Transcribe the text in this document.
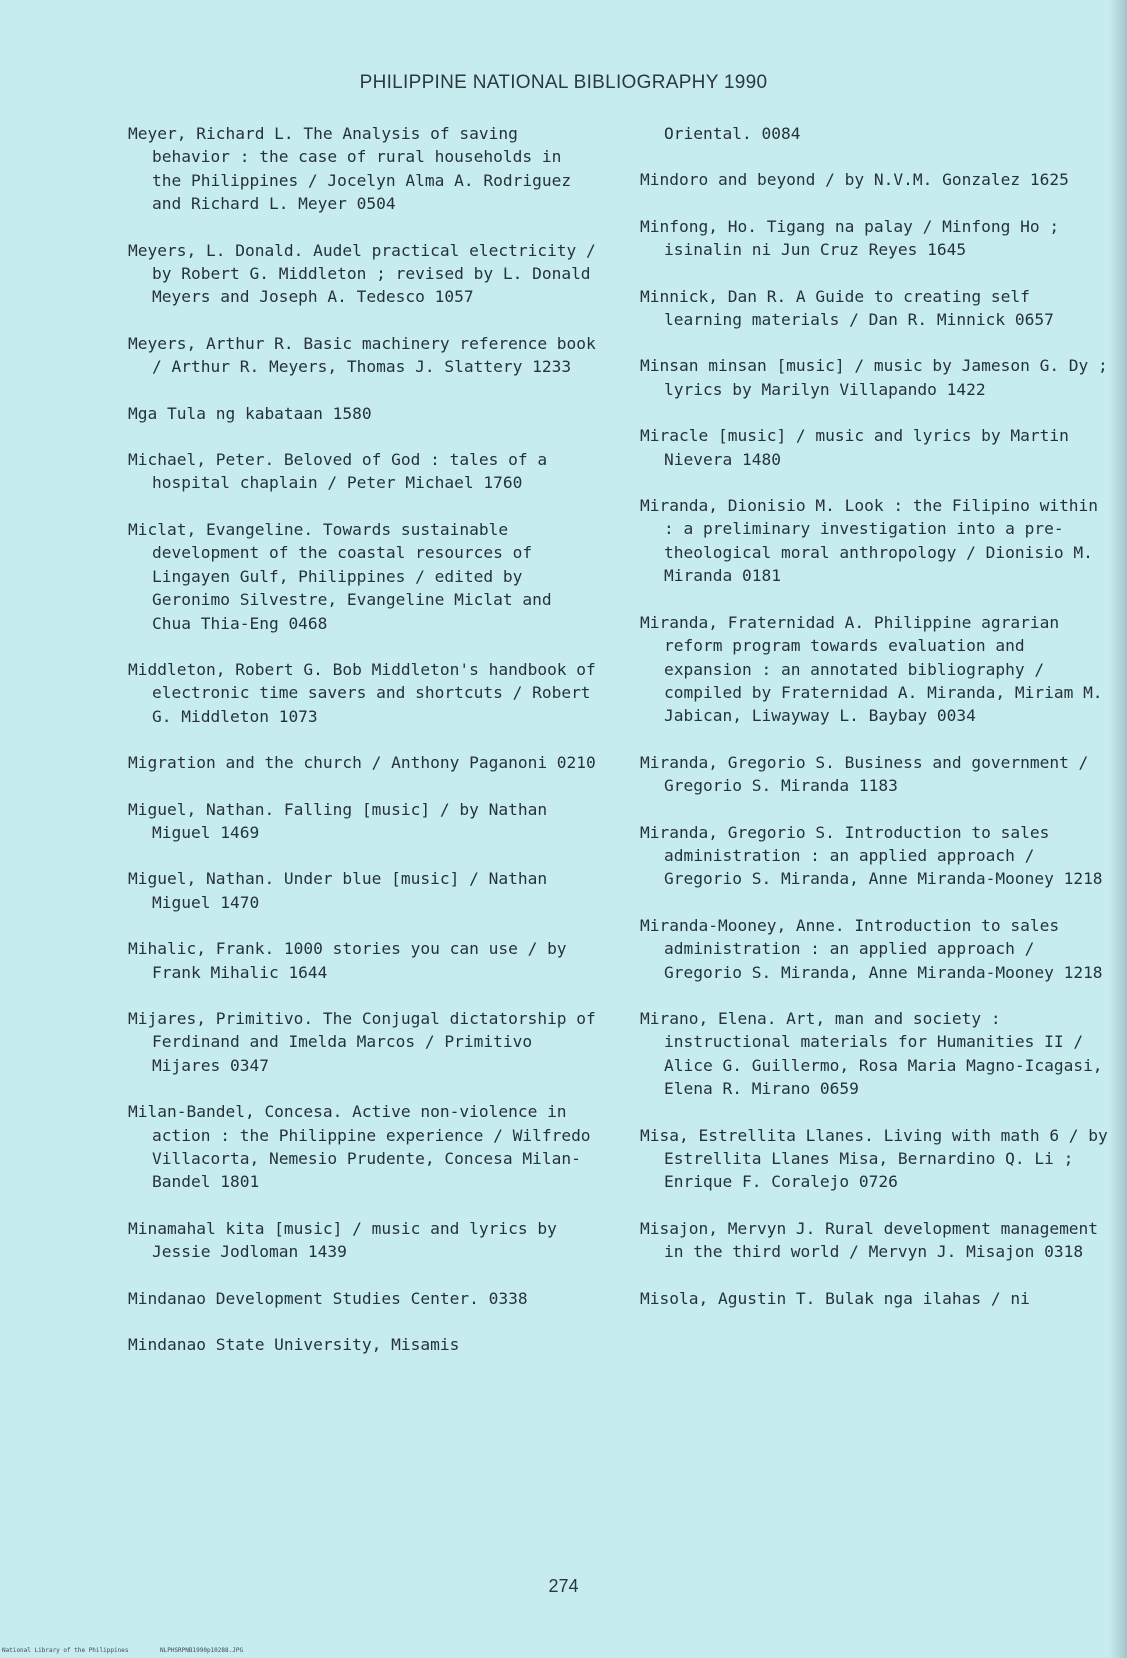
PHILIPPINE NATIONAL BIBLIOGRAPHY 1990

Meyer, Richard L. The Analysis of saving behavior : the case of rural households in the Philippines / Jocelyn Alma A. Rodriguez and Richard L. Meyer 0504

Meyers, L. Donald. Audel practical electricity / by Robert G. Middleton ; revised by L. Donald Meyers and Joseph A. Tedesco 1057

Meyers, Arthur R. Basic machinery reference book / Arthur R. Meyers, Thomas J. Slattery 1233

Mga Tula ng kabataan 1580

Michael, Peter. Beloved of God : tales of a hospital chaplain / Peter Michael 1760

Miclat, Evangeline. Towards sustainable development of the coastal resources of Lingayen Gulf, Philippines / edited by Geronimo Silvestre, Evangeline Miclat and Chua Thia-Eng 0468

Middleton, Robert G. Bob Middleton's handbook of electronic time savers and shortcuts / Robert G. Middleton 1073

Migration and the church / Anthony Paganoni 0210

Miguel, Nathan. Falling [music] / by Nathan Miguel 1469

Miguel, Nathan. Under blue [music] / Nathan Miguel 1470

Mihalic, Frank. 1000 stories you can use / by Frank Mihalic 1644

Mijares, Primitivo. The Conjugal dictatorship of Ferdinand and Imelda Marcos / Primitivo Mijares 0347

Milan-Bandel, Concesa. Active non-violence in action : the Philippine experience / Wilfredo Villacorta, Nemesio Prudente, Concesa Milan-Bandel 1801

Minamahal kita [music] / music and lyrics by Jessie Jodloman 1439

Mindanao Development Studies Center. 0338

Mindanao State University, Misamis

Oriental. 0084

Mindoro and beyond / by N.V.M. Gonzalez 1625

Minfong, Ho. Tigang na palay / Minfong Ho ; isinalin ni Jun Cruz Reyes 1645

Minnick, Dan R. A Guide to creating self learning materials / Dan R. Minnick 0657

Minsan minsan [music] / music by Jameson G. Dy ; lyrics by Marilyn Villapando 1422

Miracle [music] / music and lyrics by Martin Nievera 1480

Miranda, Dionisio M. Look : the Filipino within : a preliminary investigation into a pre-theological moral anthropology / Dionisio M. Miranda 0181

Miranda, Fraternidad A. Philippine agrarian reform program towards evaluation and expansion : an annotated bibliography / compiled by Fraternidad A. Miranda, Miriam M. Jabican, Liwayway L. Baybay 0034

Miranda, Gregorio S. Business and government / Gregorio S. Miranda 1183

Miranda, Gregorio S. Introduction to sales administration : an applied approach / Gregorio S. Miranda, Anne Miranda-Mooney 1218

Miranda-Mooney, Anne. Introduction to sales administration : an applied approach / Gregorio S. Miranda, Anne Miranda-Mooney 1218

Mirano, Elena. Art, man and society : instructional materials for Humanities II / Alice G. Guillermo, Rosa Maria Magno-Icagasi, Elena R. Mirano 0659

Misa, Estrellita Llanes. Living with math 6 / by Estrellita Llanes Misa, Bernardino Q. Li ; Enrique F. Coralejo 0726

Misajon, Mervyn J. Rural development management in the third world / Mervyn J. Misajon 0318

Misola, Agustin T. Bulak nga ilahas / ni

274
National Library of the Philippines	NLPHSRPNB1990p10288.JPG
